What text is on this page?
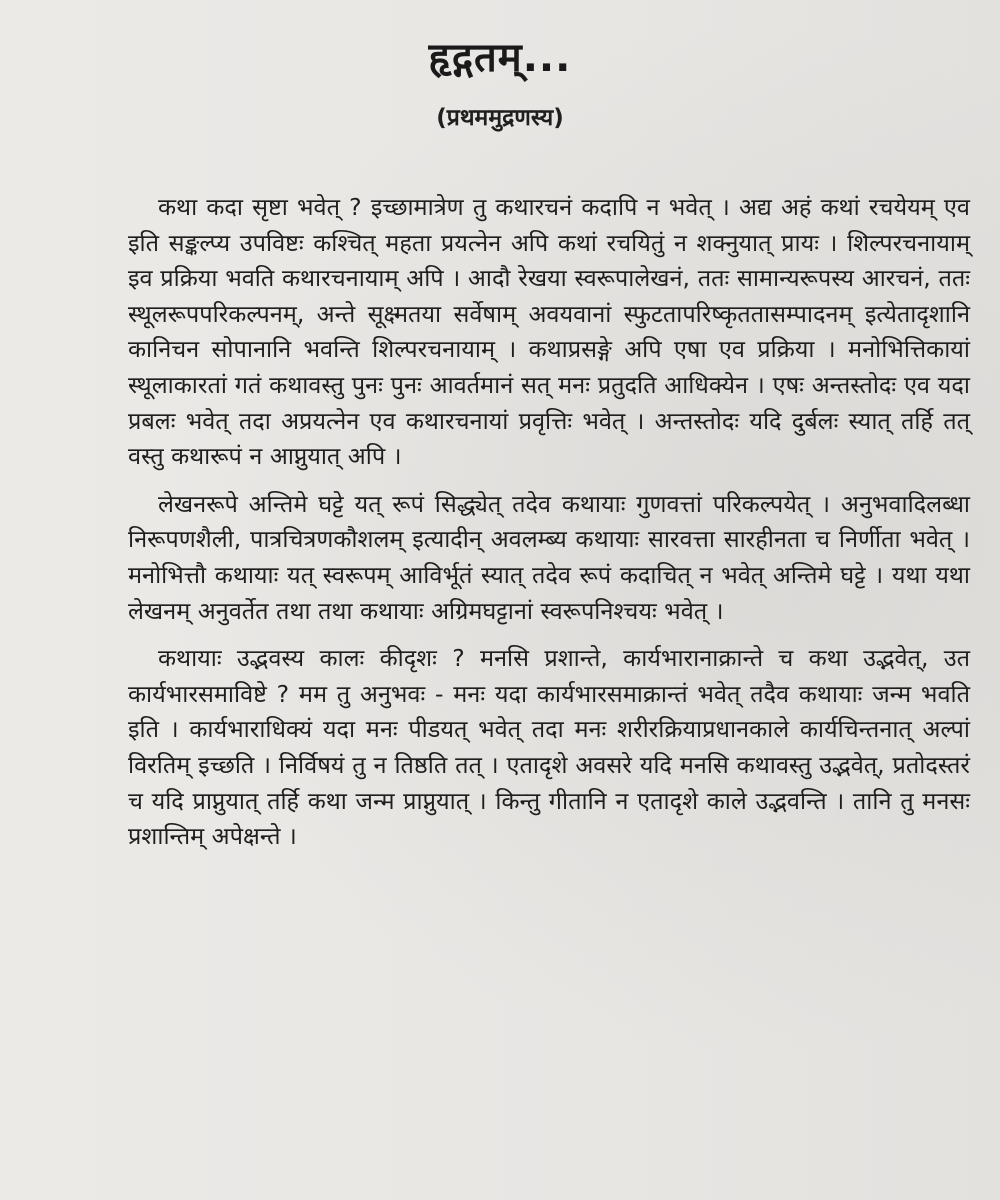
हृद्गतम्...
(प्रथममुद्रणस्य)

कथा कदा सृष्टा भवेत् ? इच्छामात्रेण तु कथारचनं कदापि न भवेत् । अद्य अहं कथां रचयेयम् एव इति सङ्कल्प्य उपविष्टः कश्चित् महता प्रयत्नेन अपि कथां रचयितुं न शक्नुयात् प्रायः । शिल्परचनायाम् इव प्रक्रिया भवति कथारचनायाम् अपि । आदौ रेखया स्वरूपालेखनं, ततः सामान्यरूपस्य आरचनं, ततः स्थूलरूपपरिकल्पनम्, अन्ते सूक्ष्मतया सर्वेषाम् अवयवानां स्फुटतापरिष्कृततासम्पादनम् इत्येतादृशानि कानिचन सोपानानि भवन्ति शिल्परचनायाम् । कथाप्रसङ्गे अपि एषा एव प्रक्रिया । मनोभित्तिकायां स्थूलाकारतां गतं कथावस्तु पुनः पुनः आवर्तमानं सत् मनः प्रतुदति आधिक्येन । एषः अन्तस्तोदः एव यदा प्रबलः भवेत् तदा अप्रयत्नेन एव कथारचनायां प्रवृत्तिः भवेत् । अन्तस्तोदः यदि दुर्बलः स्यात् तर्हि तत् वस्तु कथारूपं न आप्नुयात् अपि ।

लेखनरूपे अन्तिमे घट्टे यत् रूपं सिद्ध्येत् तदेव कथायाः गुणवत्तां परिकल्पयेत् । अनुभवादिलब्धा निरूपणशैली, पात्रचित्रणकौशलम् इत्यादीन् अवलम्ब्य कथायाः सारवत्ता सारहीनता च निर्णीता भवेत् । मनोभित्तौ कथायाः यत् स्वरूपम् आविर्भूतं स्यात् तदेव रूपं कदाचित् न भवेत् अन्तिमे घट्टे । यथा यथा लेखनम् अनुवर्तेत तथा तथा कथायाः अग्रिमघट्टानां स्वरूपनिश्चयः भवेत् ।

कथायाः उद्भवस्य कालः कीदृशः ? मनसि प्रशान्ते, कार्यभारानाक्रान्ते च कथा उद्भवेत्, उत कार्यभारसमाविष्टे ? मम तु अनुभवः - मनः यदा कार्यभारसमाक्रान्तं भवेत् तदैव कथायाः जन्म भवति इति । कार्यभाराधिक्यं यदा मनः पीडयत् भवेत् तदा मनः शरीरक्रियाप्रधानकाले कार्यचिन्तनात् अल्पां विरतिम् इच्छति । निर्विषयं तु न तिष्ठति तत् । एतादृशे अवसरे यदि मनसि कथावस्तु उद्भवेत्, प्रतोदस्तरं च यदि प्राप्नुयात् तर्हि कथा जन्म प्राप्नुयात् । किन्तु गीतानि न एतादृशे काले उद्भवन्ति । तानि तु मनसः प्रशान्तिम् अपेक्षन्ते ।
